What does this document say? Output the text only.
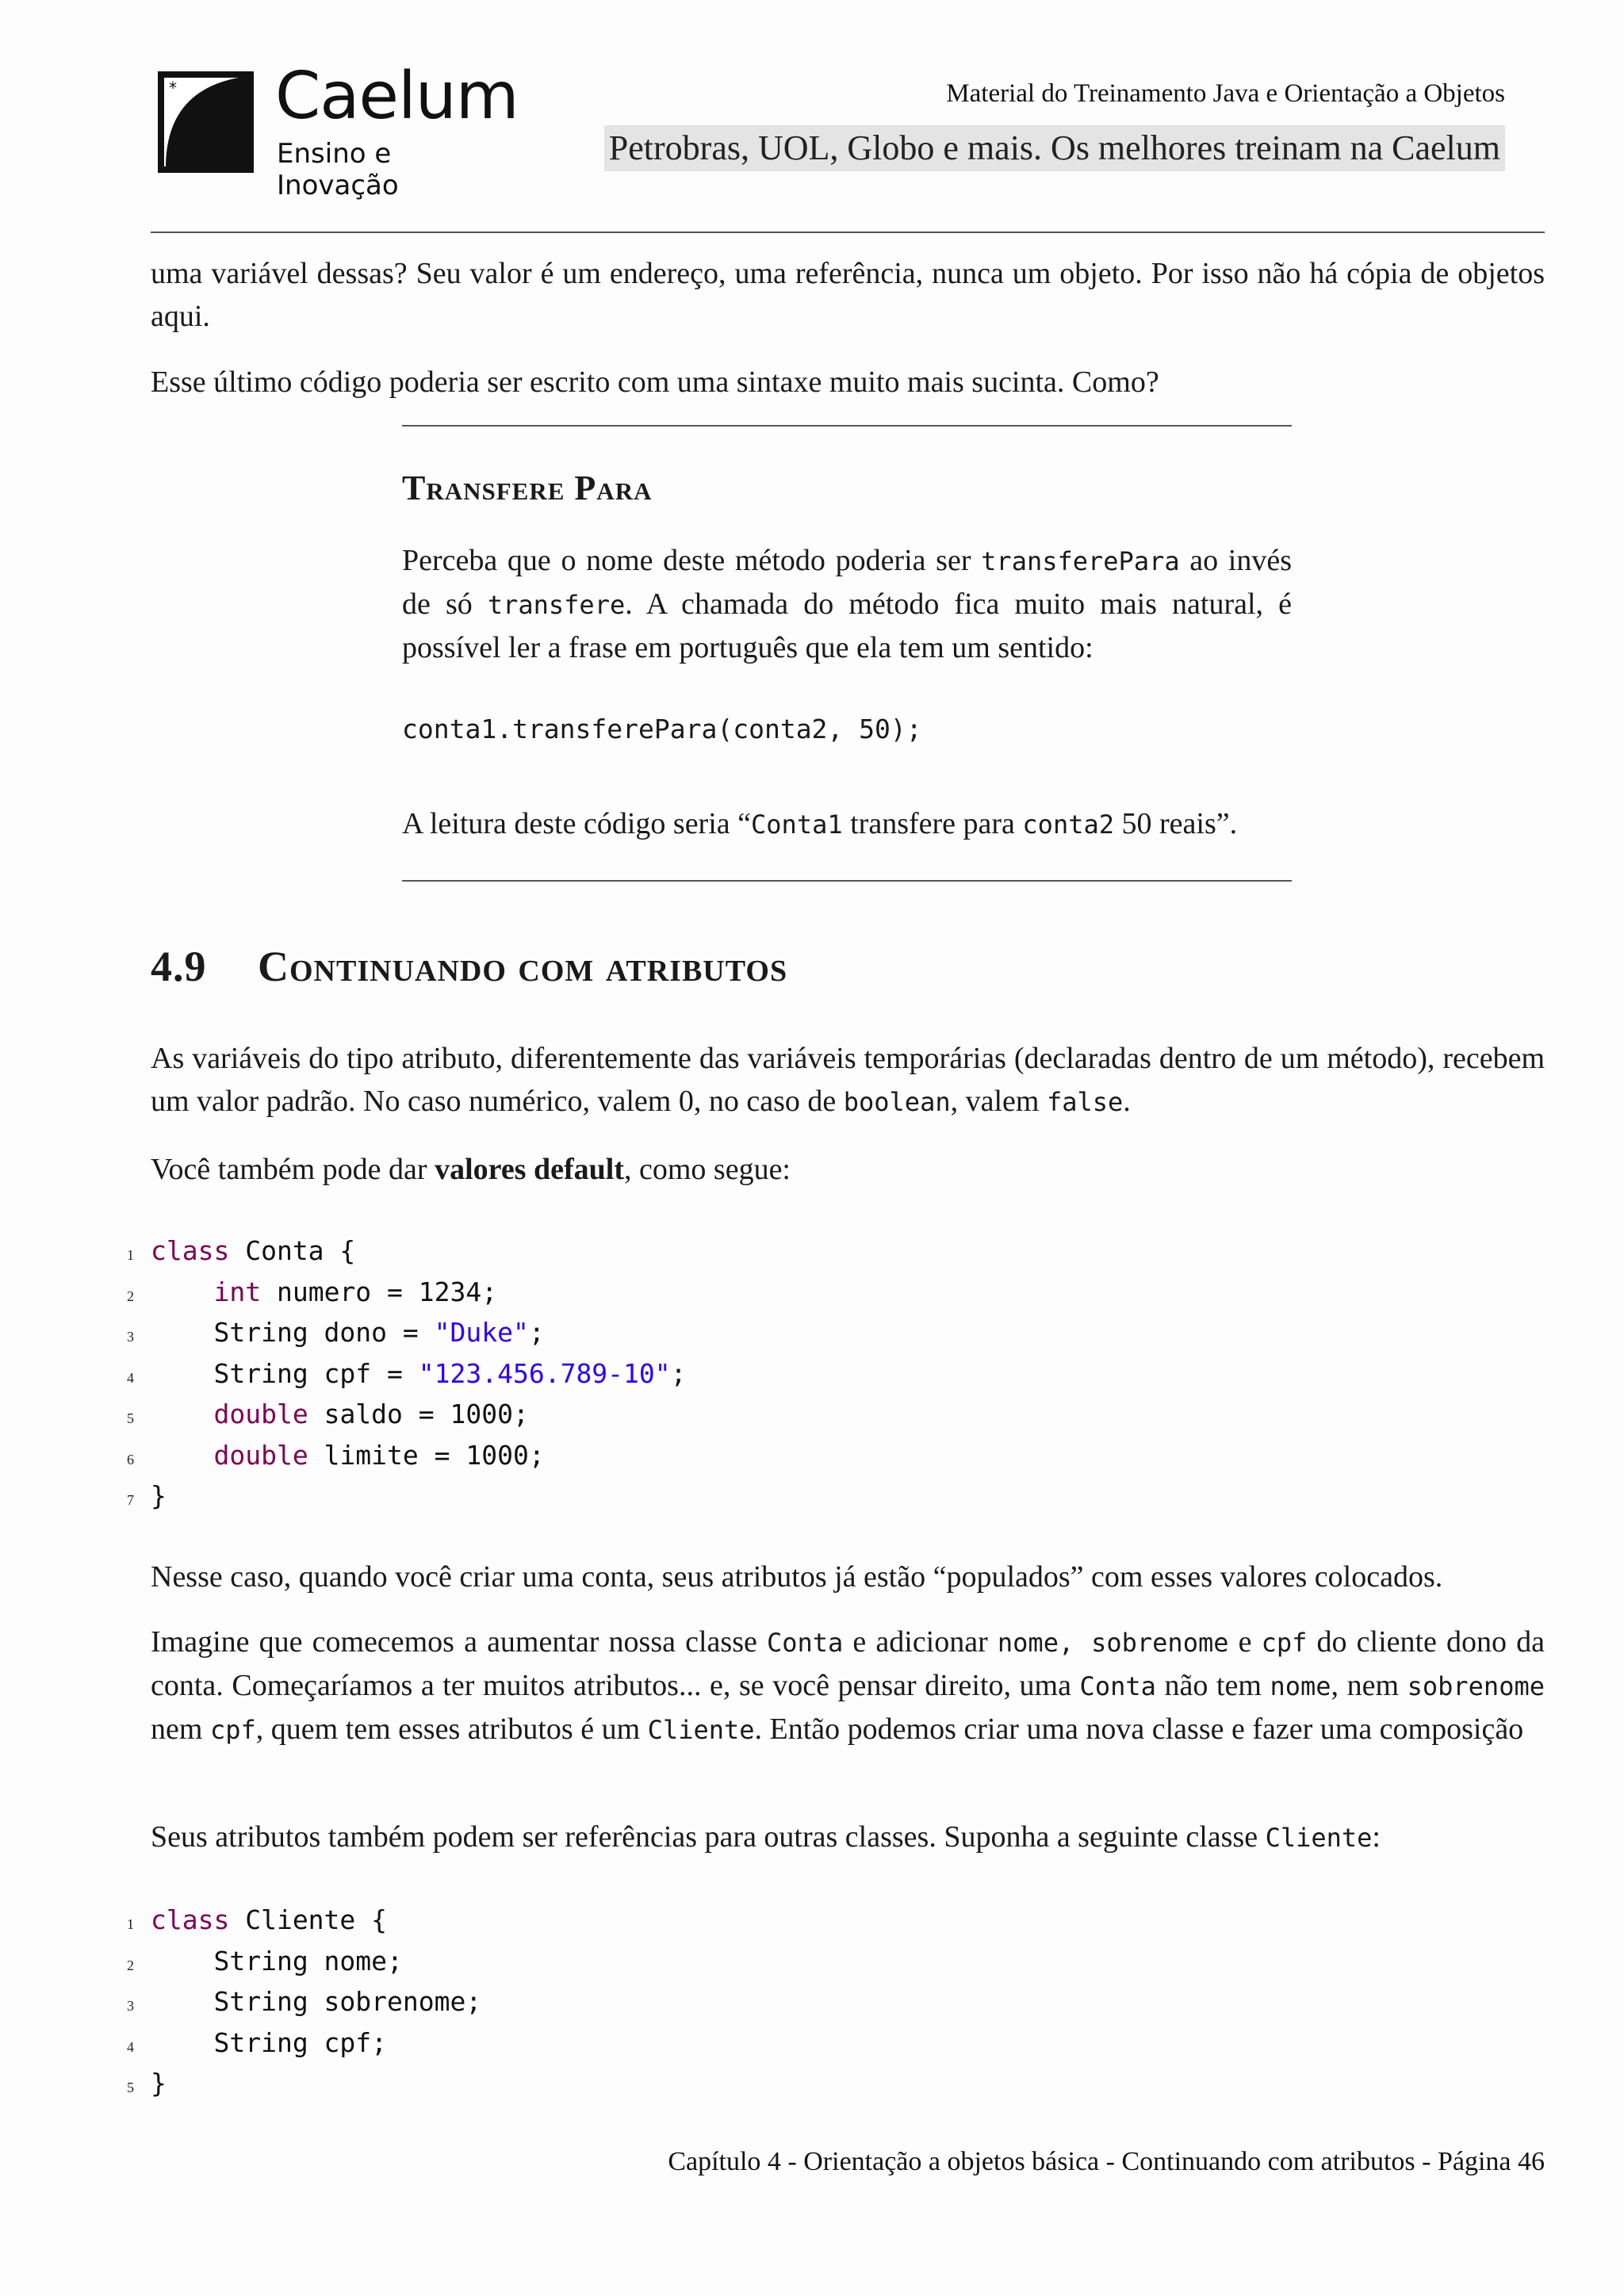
* Caelum
Ensino e Inovação
Material do Treinamento Java e Orientação a Objetos
Petrobras, UOL, Globo e mais. Os melhores treinam na Caelum
uma variável dessas? Seu valor é um endereço, uma referência, nunca um objeto. Por isso não há cópia de objetos aqui.
Esse último código poderia ser escrito com uma sintaxe muito mais sucinta. Como?
Transfere Para
Perceba que o nome deste método poderia ser transferePara ao invés de só transfere. A chamada do método fica muito mais natural, é possível ler a frase em português que ela tem um sentido:
conta1.transferePara(conta2, 50);
A leitura deste código seria “Conta1 transfere para conta2 50 reais”.
4.9 Continuando com atributos
As variáveis do tipo atributo, diferentemente das variáveis temporárias (declaradas dentro de um método), recebem um valor padrão. No caso numérico, valem 0, no caso de boolean, valem false.
Você também pode dar valores default, como segue:
1 class Conta {
2	int numero = 1234;
3	String dono = "Duke";
4	String cpf = "123.456.789-10";
5	double saldo = 1000;
6	double limite = 1000;
7 }
Nesse caso, quando você criar uma conta, seus atributos já estão “populados” com esses valores colocados.
Imagine que comecemos a aumentar nossa classe Conta e adicionar nome, sobrenome e cpf do cliente dono da conta. Começaríamos a ter muitos atributos... e, se você pensar direito, uma Conta não tem nome, nem sobrenome nem cpf, quem tem esses atributos é um Cliente. Então podemos criar uma nova classe e fazer uma composição
Seus atributos também podem ser referências para outras classes. Suponha a seguinte classe Cliente:
1 class Cliente {
2	String nome;
3	String sobrenome;
4	String cpf;
5 }
Capítulo 4 - Orientação a objetos básica - Continuando com atributos - Página 46
